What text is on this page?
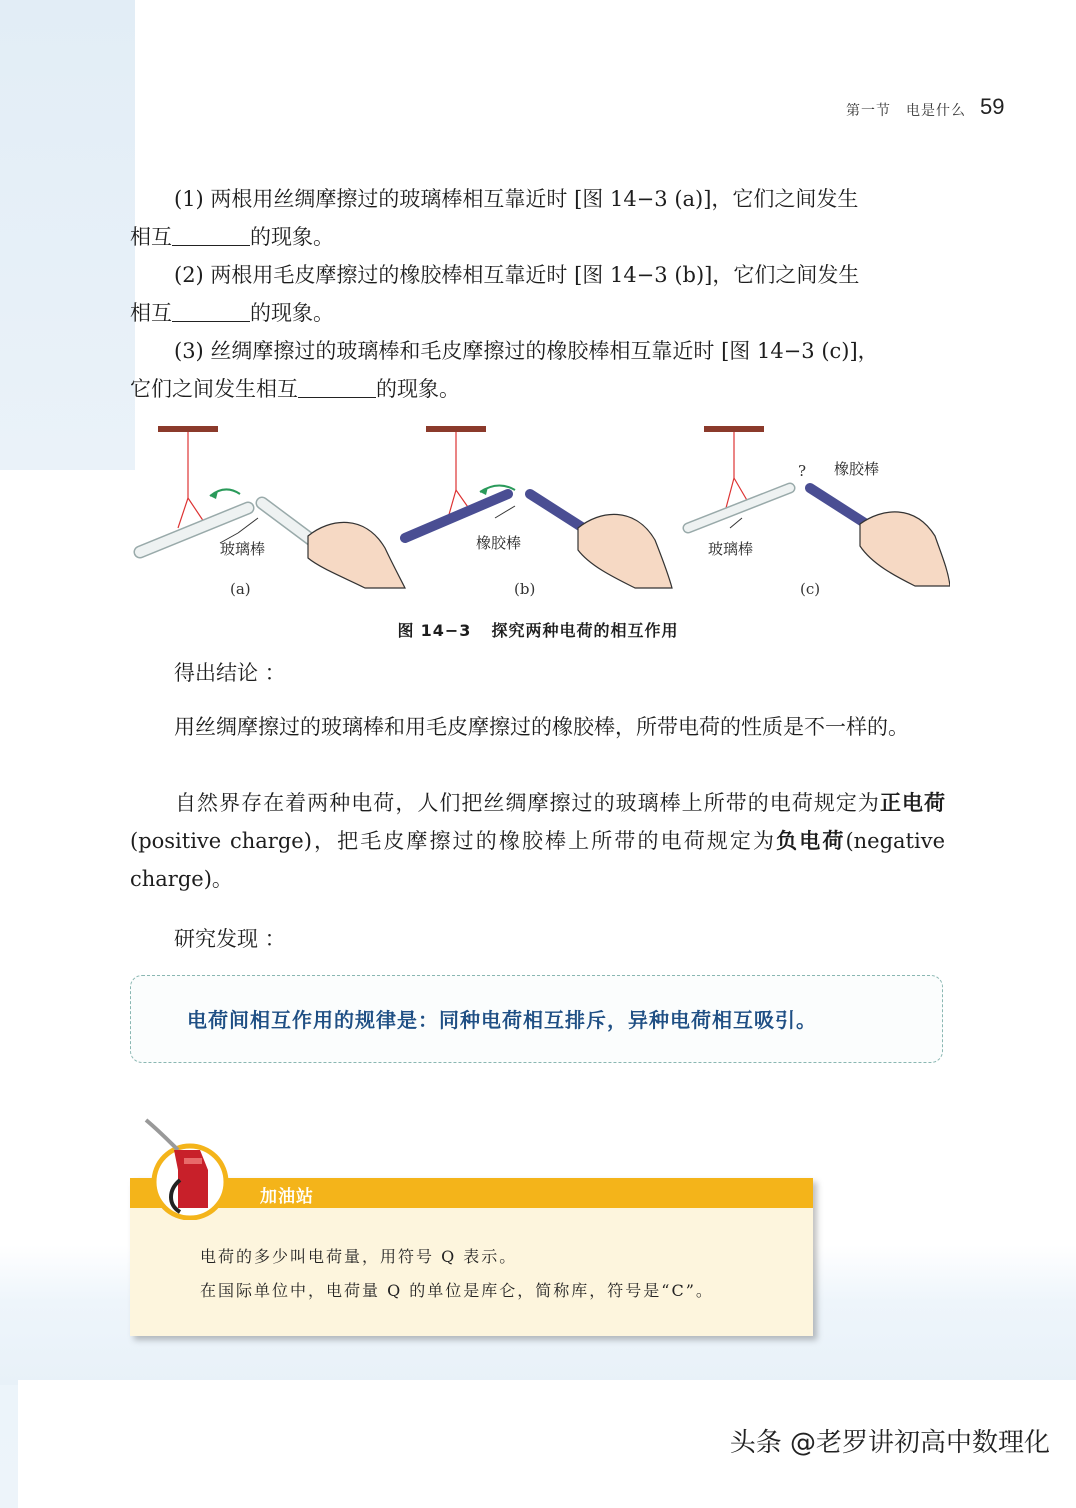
第一节　电是什么 59
(1) 两根用丝绸摩擦过的玻璃棒相互靠近时 [图 14−3 (a)]，它们之间发生
相互	的现象。
(2) 两根用毛皮摩擦过的橡胶棒相互靠近时 [图 14−3 (b)]，它们之间发生
相互	的现象。
(3) 丝绸摩擦过的玻璃棒和毛皮摩擦过的橡胶棒相互靠近时 [图 14−3 (c)]，
它们之间发生相互	的现象。
玻璃棒
(a)
橡胶棒
(b)
?
玻璃棒
橡胶棒
(c)
图 14−3 探究两种电荷的相互作用
得出结论 ：
用丝绸摩擦过的玻璃棒和用毛皮摩擦过的橡胶棒，所带电荷的性质是不一样的。
自然界存在着两种电荷，人们把丝绸摩擦过的玻璃棒上所带的电荷规定为正电荷 (positive charge)，把毛皮摩擦过的橡胶棒上所带的电荷规定为负电荷(negative charge)。
研究发现 ：
电荷间相互作用的规律是：同种电荷相互排斥，异种电荷相互吸引。
加油站
电荷的多少叫电荷量，用符号 Q 表示。
在国际单位中，电荷量 Q 的单位是库仑，简称库，符号是“C”。
头条 @老罗讲初高中数理化
